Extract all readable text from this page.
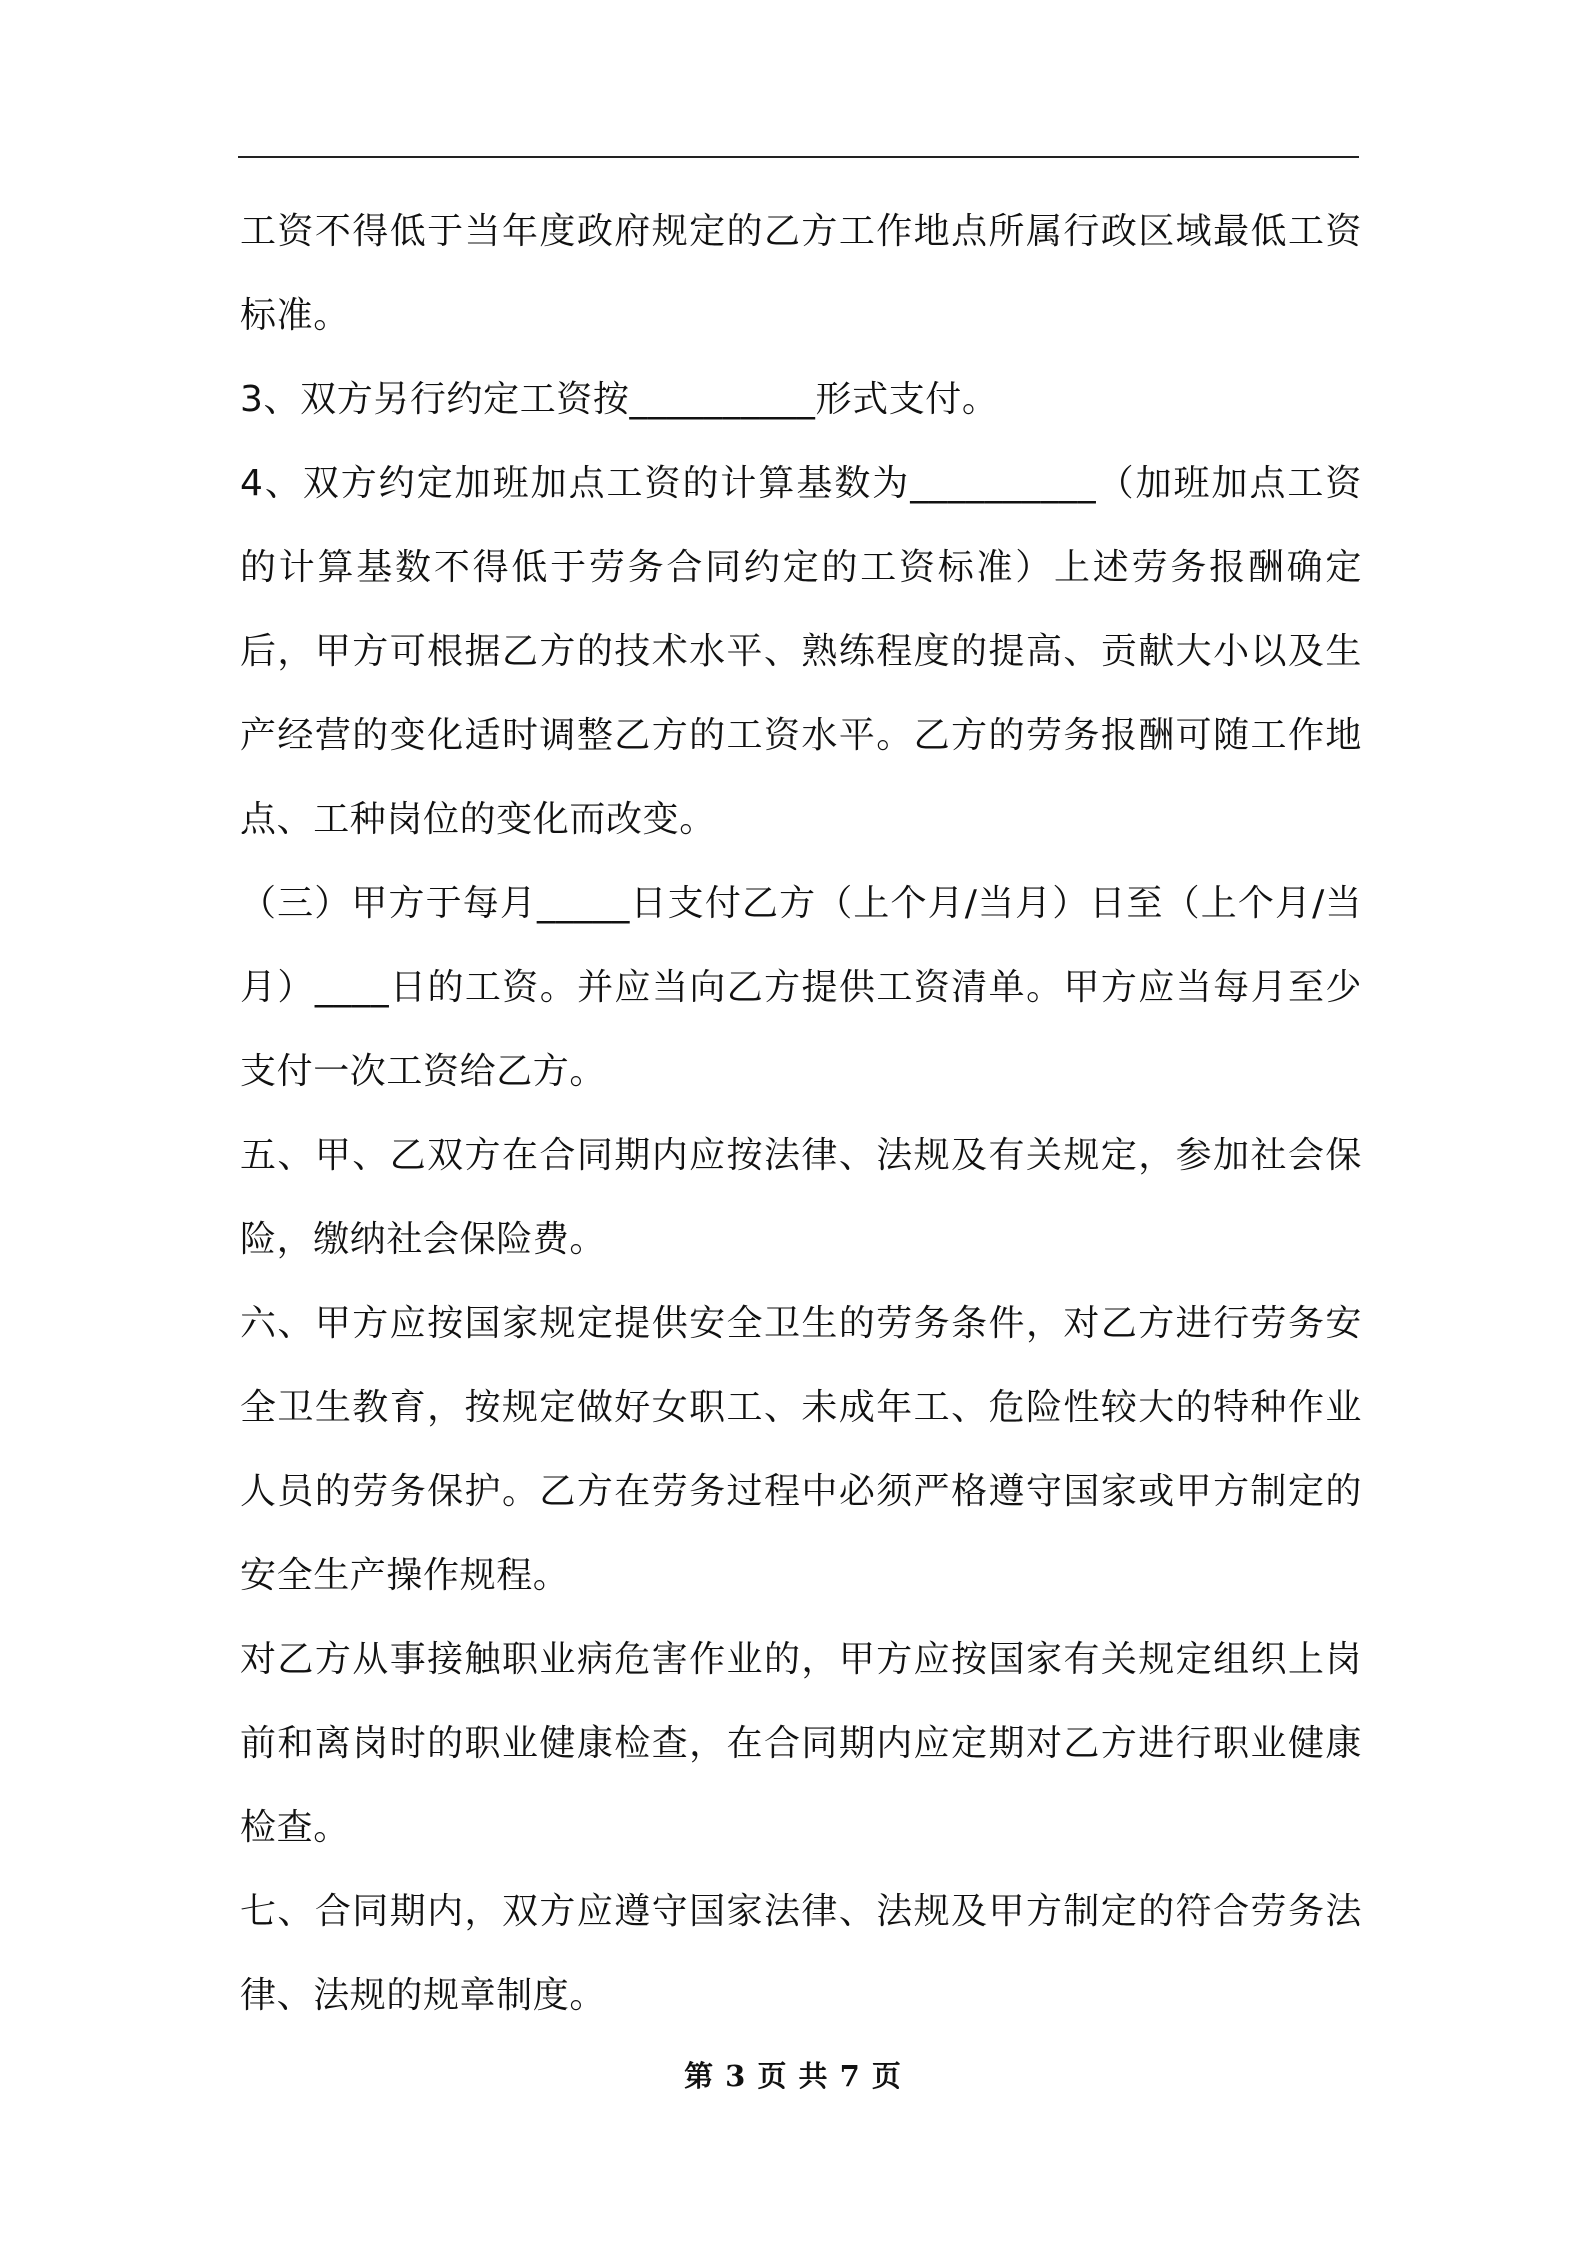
工资不得低于当年度政府规定的乙方工作地点所属行政区域最低工资标准。

3、双方另行约定工资按__________形式支付。

4、双方约定加班加点工资的计算基数为__________（加班加点工资的计算基数不得低于劳务合同约定的工资标准）上述劳务报酬确定后，甲方可根据乙方的技术水平、熟练程度的提高、贡献大小以及生产经营的变化适时调整乙方的工资水平。乙方的劳务报酬可随工作地点、工种岗位的变化而改变。

（三）甲方于每月_____日支付乙方（上个月/当月）日至（上个月/当月）____日的工资。并应当向乙方提供工资清单。甲方应当每月至少支付一次工资给乙方。

五、甲、乙双方在合同期内应按法律、法规及有关规定，参加社会保险，缴纳社会保险费。

六、甲方应按国家规定提供安全卫生的劳务条件，对乙方进行劳务安全卫生教育，按规定做好女职工、未成年工、危险性较大的特种作业人员的劳务保护。乙方在劳务过程中必须严格遵守国家或甲方制定的安全生产操作规程。

对乙方从事接触职业病危害作业的，甲方应按国家有关规定组织上岗前和离岗时的职业健康检查，在合同期内应定期对乙方进行职业健康检查。

七、合同期内，双方应遵守国家法律、法规及甲方制定的符合劳务法律、法规的规章制度。

第 3 页 共 7 页
